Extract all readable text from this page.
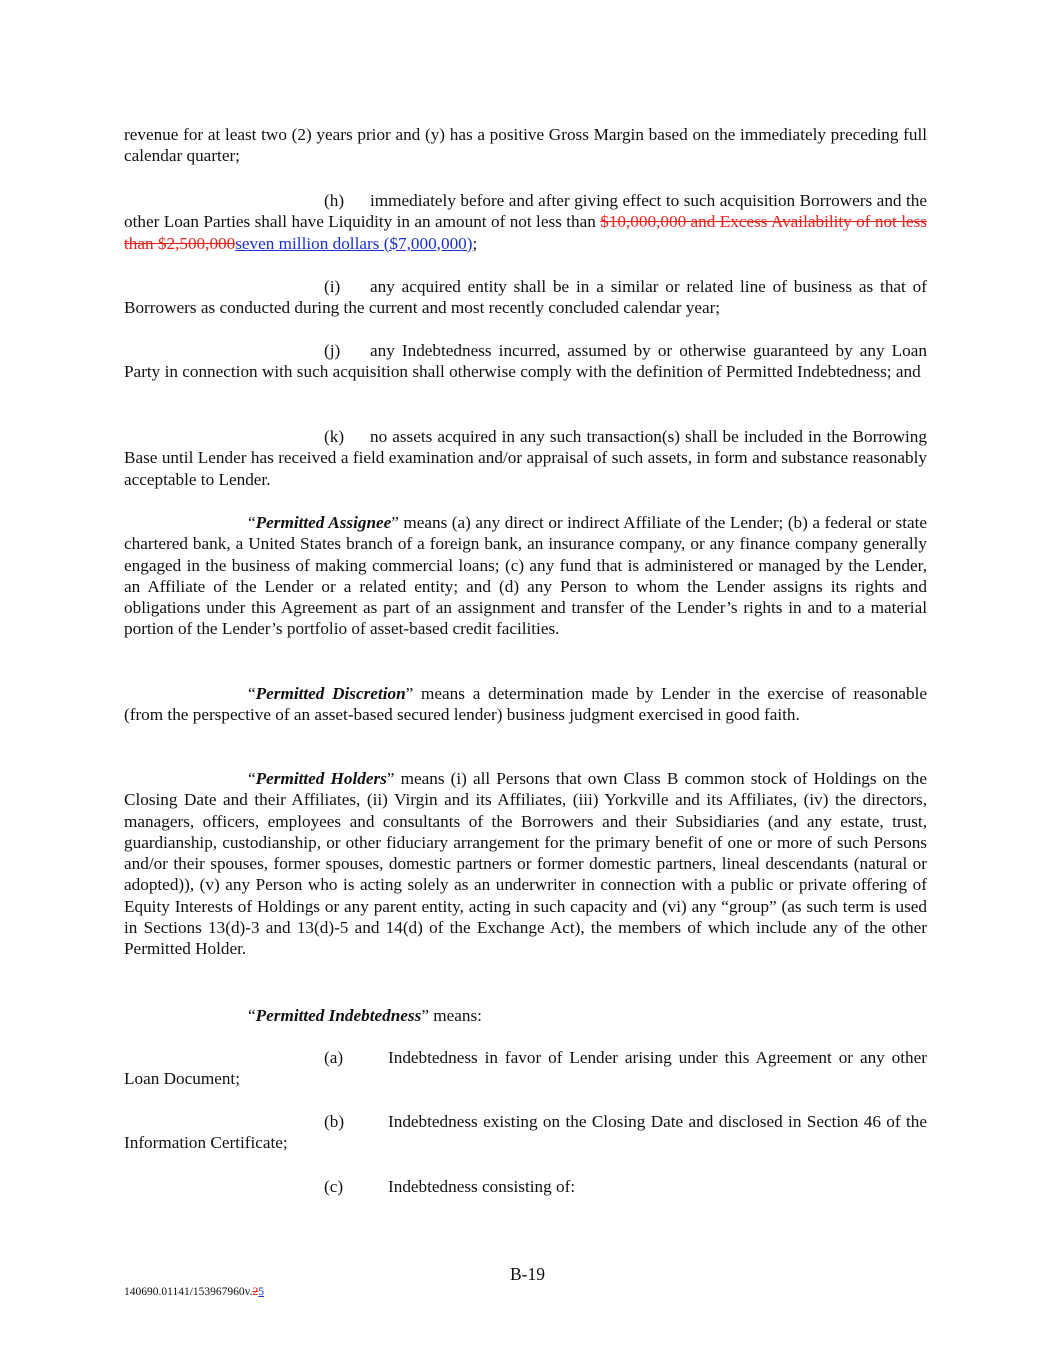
revenue for at least two (2) years prior and (y) has a positive Gross Margin based on the immediately preceding full calendar quarter;

(h) immediately before and after giving effect to such acquisition Borrowers and the other Loan Parties shall have Liquidity in an amount of not less than $10,000,000 and Excess Availability of not less than $2,500,000seven million dollars ($7,000,000);

(i) any acquired entity shall be in a similar or related line of business as that of Borrowers as conducted during the current and most recently concluded calendar year;

(j) any Indebtedness incurred, assumed by or otherwise guaranteed by any Loan Party in connection with such acquisition shall otherwise comply with the definition of Permitted Indebtedness; and

(k) no assets acquired in any such transaction(s) shall be included in the Borrowing Base until Lender has received a field examination and/or appraisal of such assets, in form and substance reasonably acceptable to Lender.

“Permitted Assignee” means (a) any direct or indirect Affiliate of the Lender; (b) a federal or state chartered bank, a United States branch of a foreign bank, an insurance company, or any finance company generally engaged in the business of making commercial loans; (c) any fund that is administered or managed by the Lender, an Affiliate of the Lender or a related entity; and (d) any Person to whom the Lender assigns its rights and obligations under this Agreement as part of an assignment and transfer of the Lender’s rights in and to a material portion of the Lender’s portfolio of asset-based credit facilities.

“Permitted Discretion” means a determination made by Lender in the exercise of reasonable (from the perspective of an asset-based secured lender) business judgment exercised in good faith.

“Permitted Holders” means (i) all Persons that own Class B common stock of Holdings on the Closing Date and their Affiliates, (ii) Virgin and its Affiliates, (iii) Yorkville and its Affiliates, (iv) the directors, managers, officers, employees and consultants of the Borrowers and their Subsidiaries (and any estate, trust, guardianship, custodianship, or other fiduciary arrangement for the primary benefit of one or more of such Persons and/or their spouses, former spouses, domestic partners or former domestic partners, lineal descendants (natural or adopted)), (v) any Person who is acting solely as an underwriter in connection with a public or private offering of Equity Interests of Holdings or any parent entity, acting in such capacity and (vi) any “group” (as such term is used in Sections 13(d)-3 and 13(d)-5 and 14(d) of the Exchange Act), the members of which include any of the other Permitted Holder.

“Permitted Indebtedness” means:

(a)	Indebtedness in favor of Lender arising under this Agreement or any other Loan Document;

(b)	Indebtedness existing on the Closing Date and disclosed in Section 46 of the Information Certificate;

(c)	Indebtedness consisting of:

B-19
140690.01141/153967960v.25
